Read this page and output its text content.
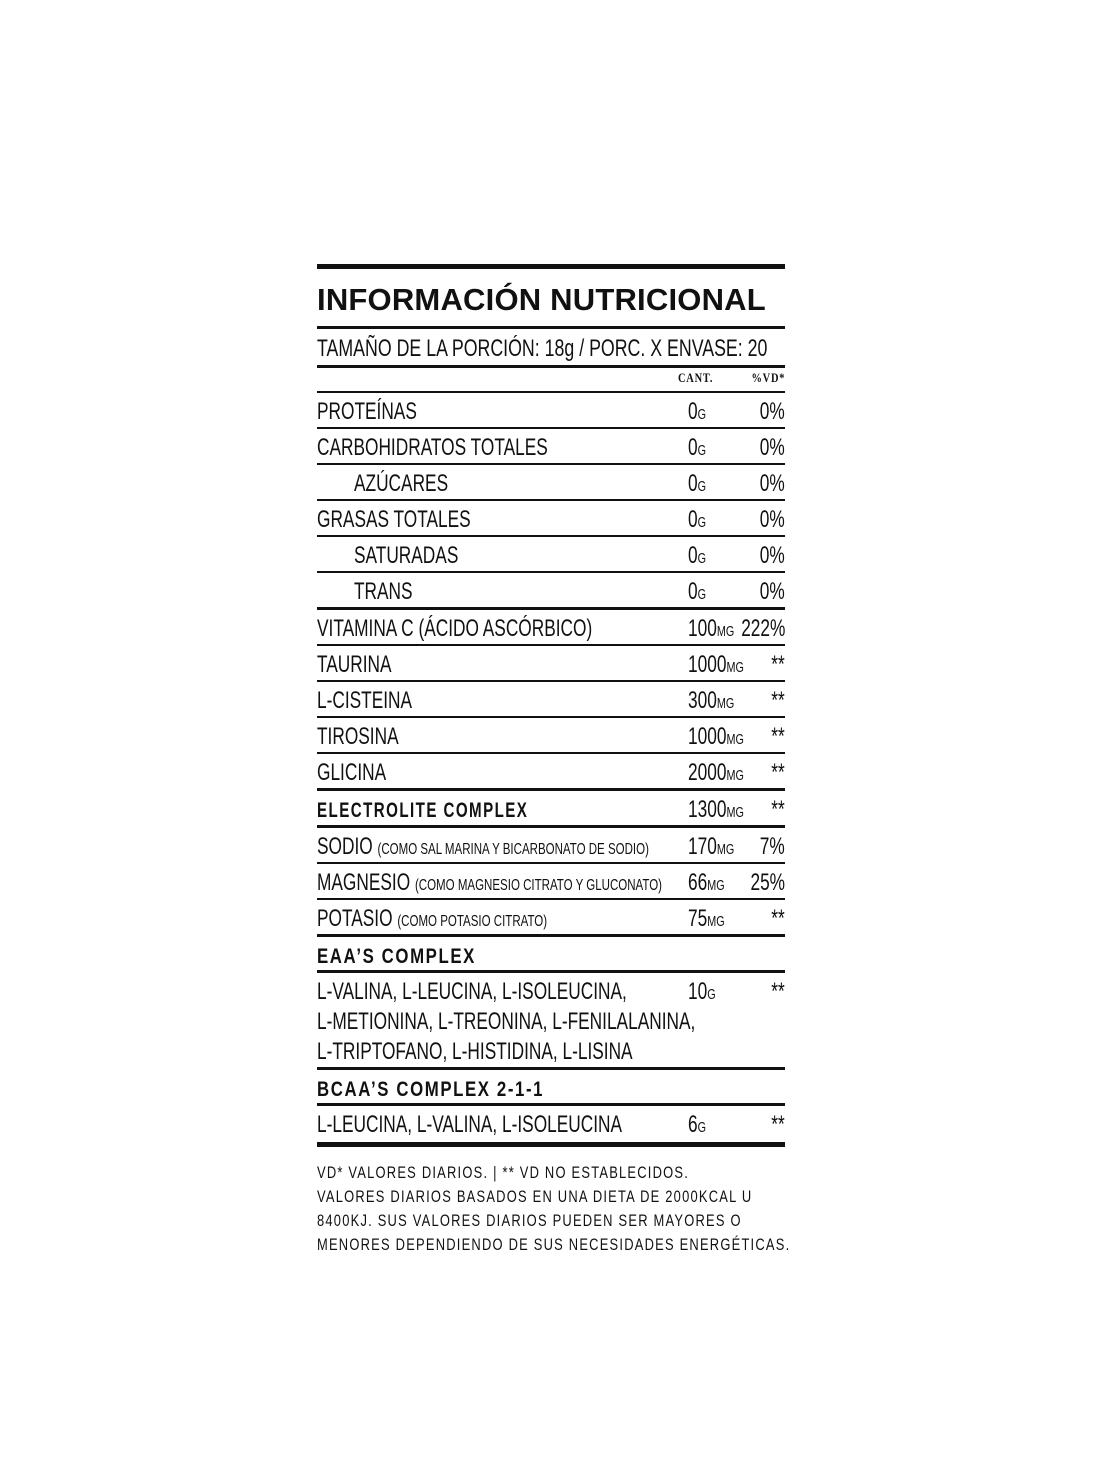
INFORMACIÓN NUTRICIONAL
TAMAÑO DE LA PORCIÓN: 18g / PORC. X ENVASE: 20
CANT.	%VD*
PROTEÍNAS	0G	0%
CARBOHIDRATOS TOTALES	0G	0%
AZÚCARES	0G	0%
GRASAS TOTALES	0G	0%
SATURADAS	0G	0%
TRANS	0G	0%
VITAMINA C (ÁCIDO ASCÓRBICO)	100MG 222%
TAURINA	1000MG	**
L-CISTEINA	300MG	**
TIROSINA	1000MG	**
GLICINA	2000MG	**
ELECTROLITE COMPLEX	1300MG	**
SODIO (COMO SAL MARINA Y BICARBONATO DE SODIO)	170MG	7%
MAGNESIO (COMO MAGNESIO CITRATO Y GLUCONATO)	66MG	25%
POTASIO (COMO POTASIO CITRATO)	75MG	**
EAA’S COMPLEX
L-VALINA, L-LEUCINA, L-ISOLEUCINA,
L-METIONINA, L-TREONINA, L-FENILALANINA,
L-TRIPTOFANO, L-HISTIDINA, L-LISINA
10G	**
BCAA’S COMPLEX 2-1-1
L-LEUCINA, L-VALINA, L-ISOLEUCINA	6G	**
VD* VALORES DIARIOS. | ** VD NO ESTABLECIDOS.
VALORES DIARIOS BASADOS EN UNA DIETA DE 2000KCAL U
8400KJ. SUS VALORES DIARIOS PUEDEN SER MAYORES O
MENORES DEPENDIENDO DE SUS NECESIDADES ENERGÉTICAS.
